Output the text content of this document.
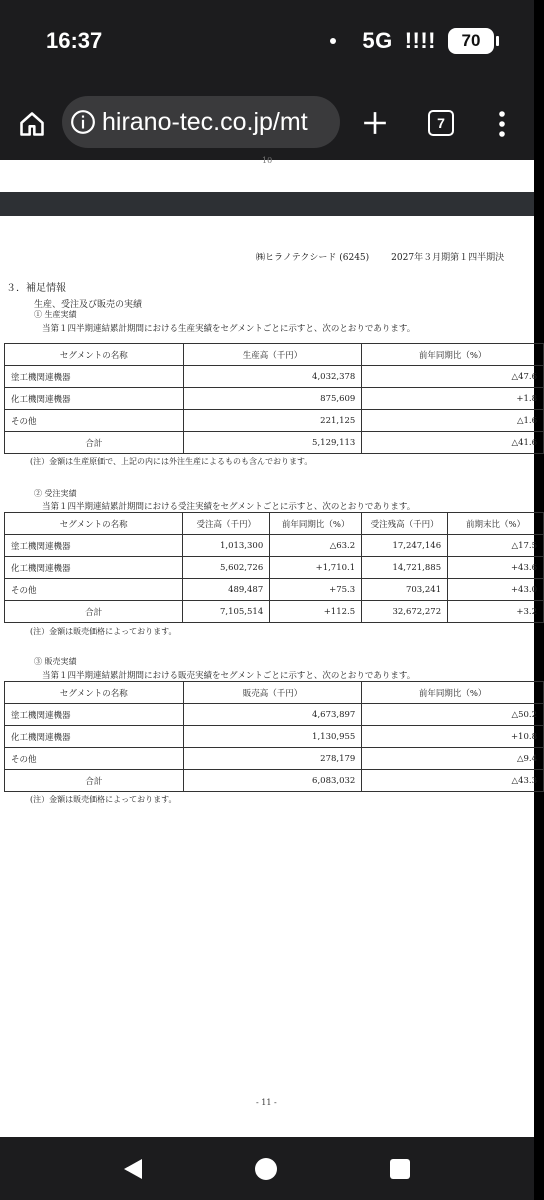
16:37	5G !!!! 70
hirano-tec.co.jp/mt	7
10
㈱ヒラノテクシード (6245) 2027年３月期第１四半期決
３．補足情報
生産、受注及び販売の実績
① 生産実績
当第１四半期連結累計期間における生産実績をセグメントごとに示すと、次のとおりであります。
セグメントの名称	生産高（千円）	前年同期比（%）
塗工機関連機器	4,032,378	△47.6
化工機関連機器	875,609	+1.8
その他	221,125	△1.6
合計	5,129,113	△41.6
(注）金額は生産原価で、上記の内には外注生産によるものも含んでおります。
② 受注実績
当第１四半期連結累計期間における受注実績をセグメントごとに示すと、次のとおりであります。
セグメントの名称	受注高（千円）	前年同期比（%）	受注残高（千円）	前期末比（%）
塗工機関連機器	1,013,300	△63.2	17,247,146	△17.5
化工機関連機器	5,602,726	+1,710.1	14,721,885	+43.6
その他	489,487	+75.3	703,241	+43.0
合計	7,105,514	+112.5	32,672,272	+3.2
(注）金額は販売価格によっております。
③ 販売実績
当第１四半期連結累計期間における販売実績をセグメントごとに示すと、次のとおりであります。
セグメントの名称	販売高（千円）	前年同期比（%）
塗工機関連機器	4,673,897	△50.2
化工機関連機器	1,130,955	+10.8
その他	278,179	△9.4
合計	6,083,032	△43.3
(注）金額は販売価格によっております。
- 11 -
